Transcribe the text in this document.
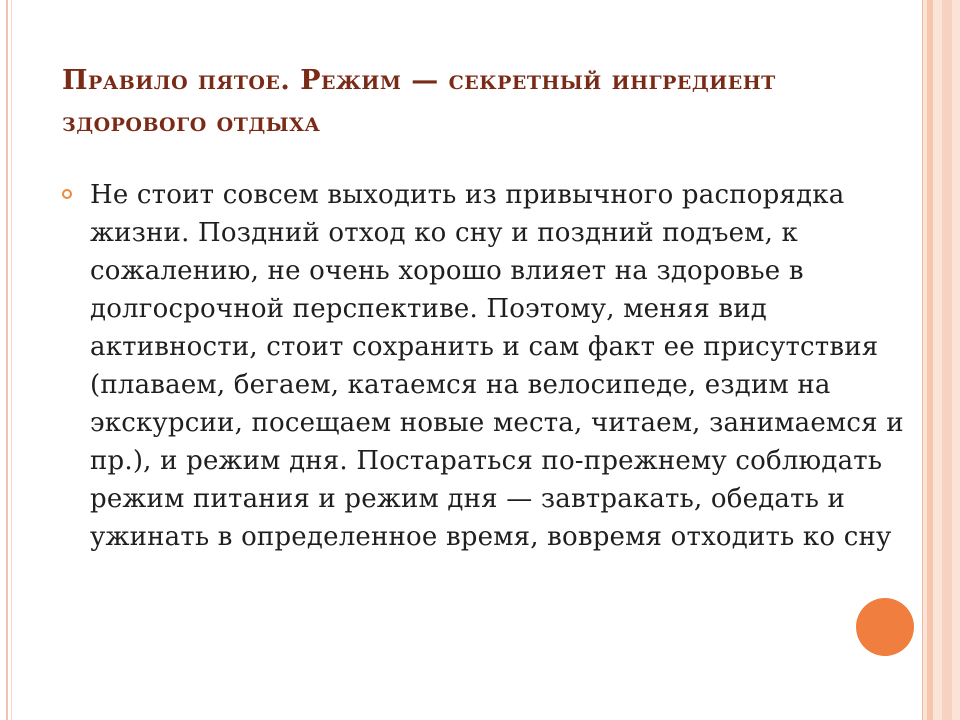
Правило пятое. Режим — секретный ингредиент здорового отдыха
Не стоит совсем выходить из привычного распорядка жизни. Поздний отход ко сну и поздний подъем, к сожалению, не очень хорошо влияет на здоровье в долгосрочной перспективе. Поэтому, меняя вид активности, стоит сохранить и сам факт ее присутствия (плаваем, бегаем, катаемся на велосипеде, ездим на экскурсии, посещаем новые места, читаем, занимаемся и пр.), и режим дня. Постараться по-прежнему соблюдать режим питания и режим дня — завтракать, обедать и ужинать в определенное время, вовремя отходить ко сну
